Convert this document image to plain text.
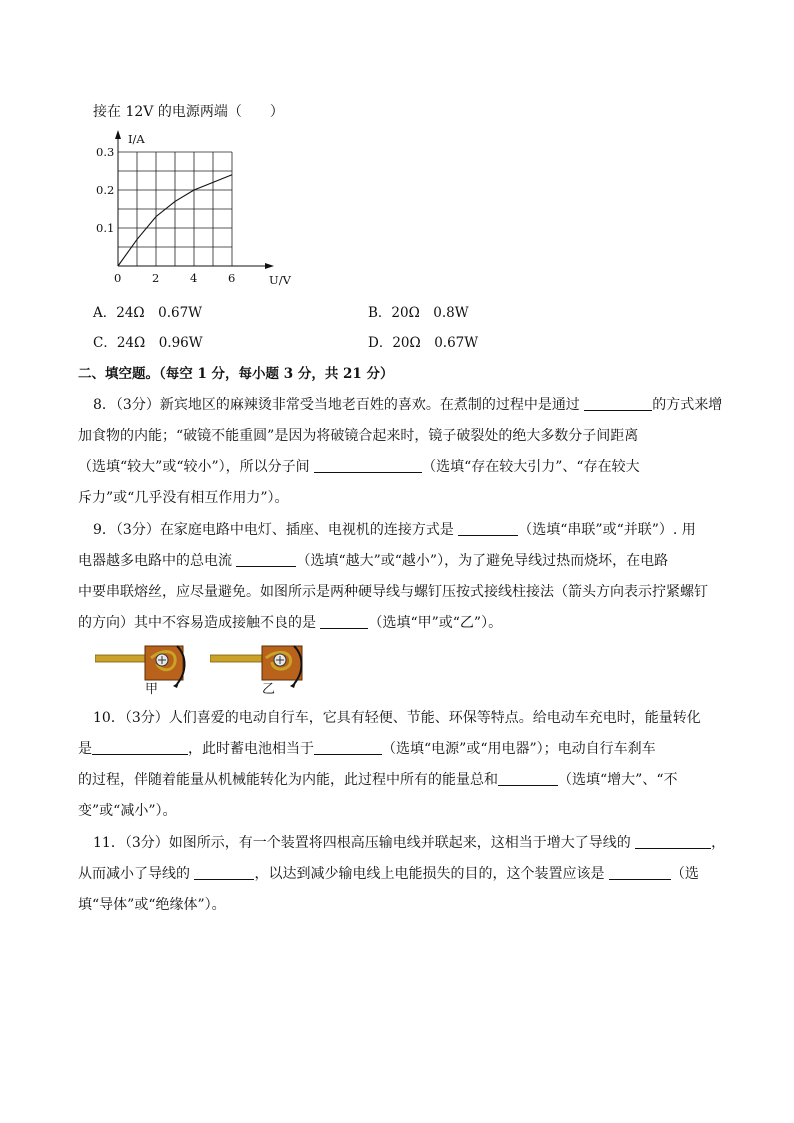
接在 12V 的电源两端（　　）
0	2	4	6
0.1
0.2
0.3
I/A
U/V
A．24Ω　0.67W	B．20Ω　0.8W
C．24Ω　0.96W	D．20Ω　0.67W
二、填空题。（每空 1 分，每小题 3 分，共 21 分）
8．（3分）新宾地区的麻辣烫非常受当地老百姓的喜欢。在煮制的过程中是通过	的方式来增
加食物的内能；“破镜不能重圆”是因为将破镜合起来时，镜子破裂处的绝大多数分子间距离
（选填“较大”或“较小”），所以分子间	（选填“存在较大引力”、“存在较大
斥力”或“几乎没有相互作用力”）。
9．（3分）在家庭电路中电灯、插座、电视机的连接方式是	（选填“串联”或“并联”）. 用
电器越多电路中的总电流	（选填“越大”或“越小”），为了避免导线过热而烧坏，在电路
中要串联熔丝，应尽量避免。如图所示是两种硬导线与螺钉压按式接线柱接法（箭头方向表示拧紧螺钉
的方向）其中不容易造成接触不良的是	（选填“甲”或“乙”）。
甲	乙
10．（3分）人们喜爱的电动自行车，它具有轻便、节能、环保等特点。给电动车充电时，能量转化
是	，此时蓄电池相当于	（选填“电源”或“用电器”）；电动自行车刹车
的过程，伴随着能量从机械能转化为内能，此过程中所有的能量总和	（选填“增大”、“不
变”或“减小”）。
11．（3分）如图所示，有一个装置将四根高压输电线并联起来，这相当于增大了导线的	，
从而减小了导线的	，以达到减少输电线上电能损失的目的，这个装置应该是	（选
填“导体”或“绝缘体”）。
